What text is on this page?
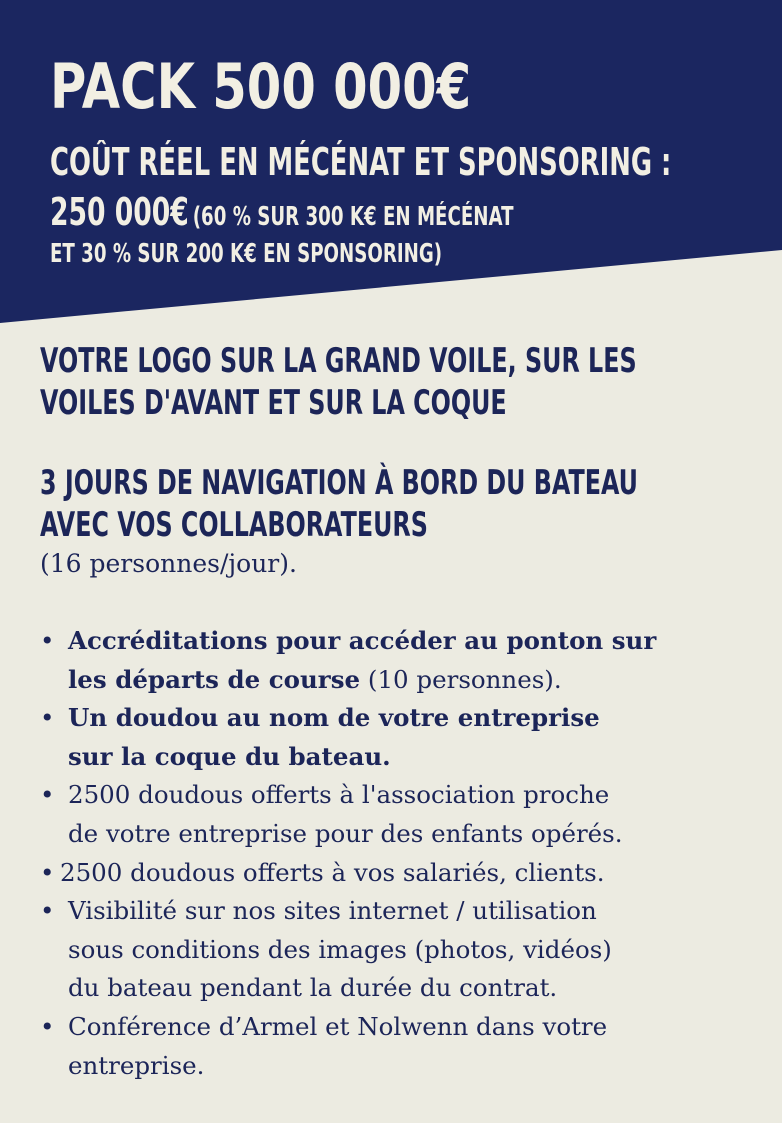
PACK 500 000€
COÛT RÉEL EN MÉCÉNAT ET SPONSORING :
250 000€ (60 % SUR 300 K€ EN MÉCÉNAT
ET 30 % SUR 200 K€ EN SPONSORING)
VOTRE LOGO SUR LA GRAND VOILE, SUR LES
VOILES D'AVANT ET SUR LA COQUE
3 JOURS DE NAVIGATION À BORD DU BATEAU
AVEC VOS COLLABORATEURS
(16 personnes/jour).
• Accréditations pour accéder au ponton sur
les départs de course (10 personnes).
• Un doudou au nom de votre entreprise
sur la coque du bateau.
• 2500 doudous offerts à l'association proche
de votre entreprise pour des enfants opérés.
• 2500 doudous offerts à vos salariés, clients.
• Visibilité sur nos sites internet / utilisation
sous conditions des images (photos, vidéos)
du bateau pendant la durée du contrat.
• Conférence d’Armel et Nolwenn dans votre
entreprise.
